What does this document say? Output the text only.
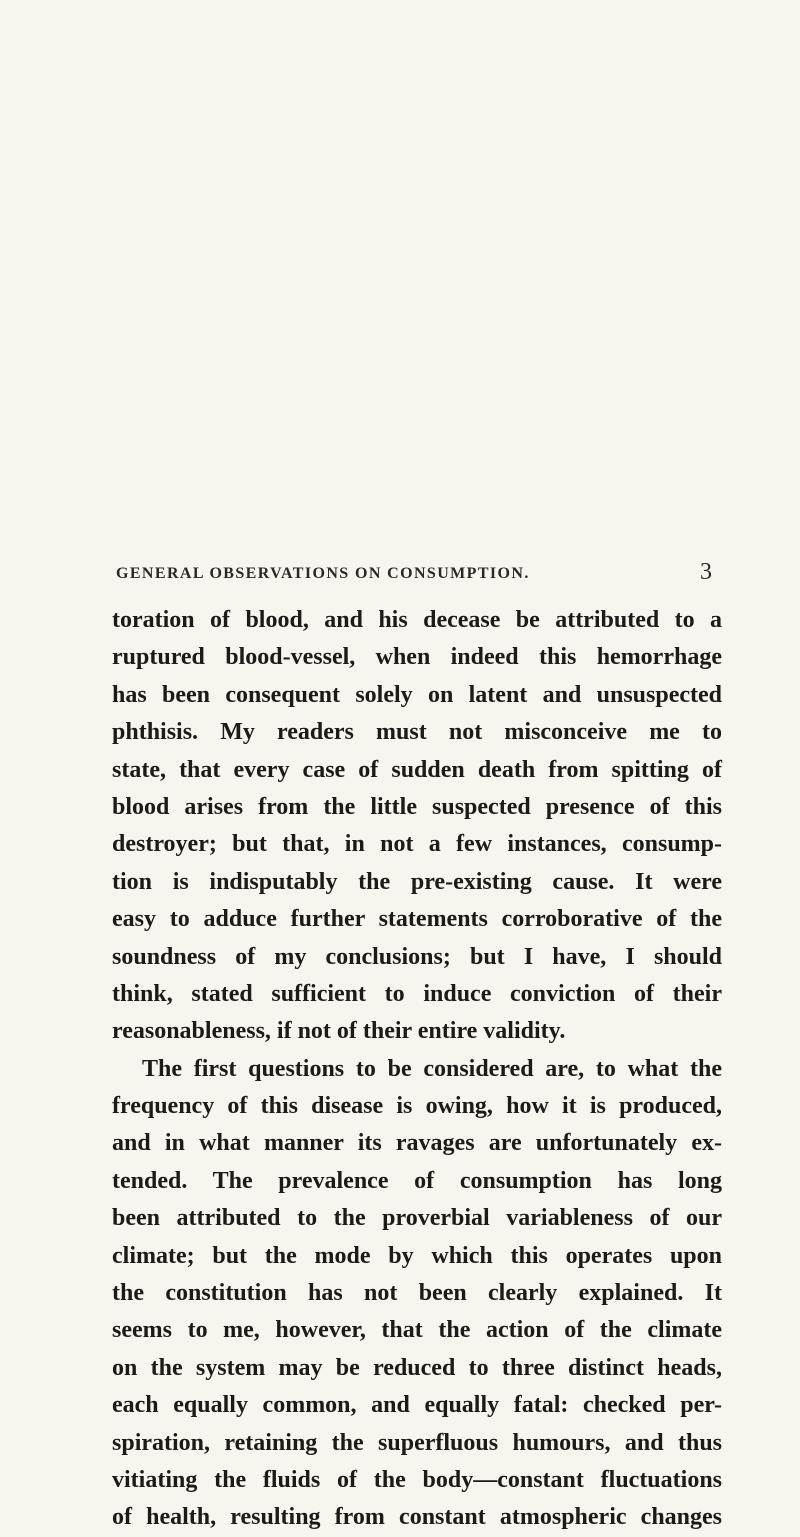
GENERAL OBSERVATIONS ON CONSUMPTION.	3
toration of blood, and his decease be attributed to a
ruptured blood-vessel, when indeed this hemorrhage
has been consequent solely on latent and unsuspected
phthisis. My readers must not misconceive me to
state, that every case of sudden death from spitting of
blood arises from the little suspected presence of this
destroyer; but that, in not a few instances, consump-
tion is indisputably the pre-existing cause. It were
easy to adduce further statements corroborative of the
soundness of my conclusions; but I have, I should
think, stated sufficient to induce conviction of their
reasonableness, if not of their entire validity.
The first questions to be considered are, to what the
frequency of this disease is owing, how it is produced,
and in what manner its ravages are unfortunately ex-
tended. The prevalence of consumption has long
been attributed to the proverbial variableness of our
climate; but the mode by which this operates upon
the constitution has not been clearly explained. It
seems to me, however, that the action of the climate
on the system may be reduced to three distinct heads,
each equally common, and equally fatal: checked per-
spiration, retaining the superfluous humours, and thus
vitiating the fluids of the body—constant fluctuations
of health, resulting from constant atmospheric changes
